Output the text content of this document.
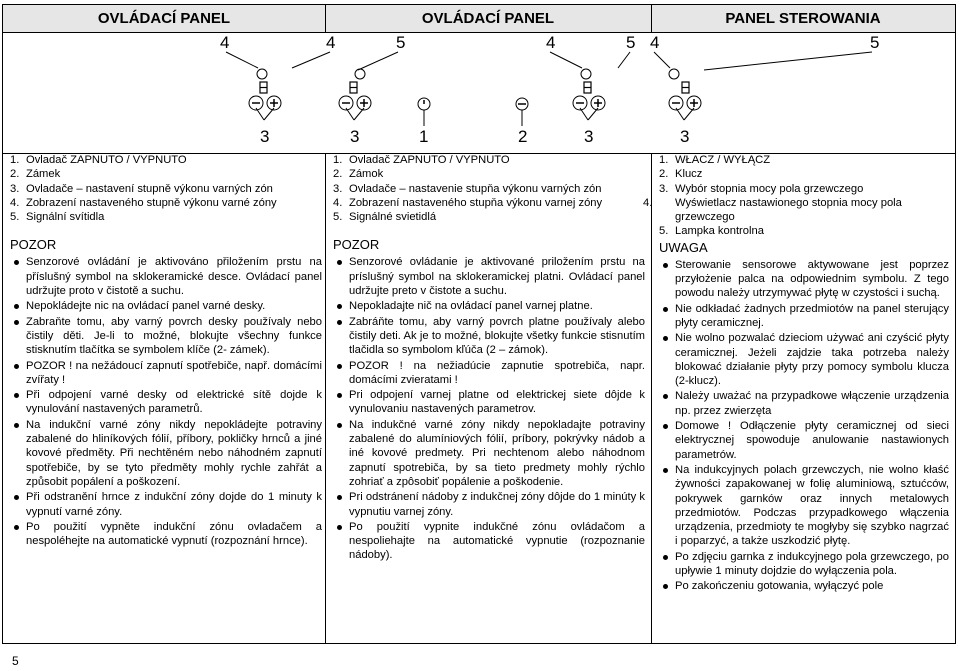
OVLÁDACÍ PANEL	OVLÁDACÍ PANEL	PANEL STEROWANIA
4	5	4	5 4	5
4
3	3	1	2	3	3
1. Ovladač ZAPNUTO / VYPNUTO
2. Zámek
3. Ovladače – nastavení stupně výkonu varných zón
4. Zobrazení nastaveného stupně výkonu varné zóny
5. Signální svítidla
POZOR
Senzorové ovládání je aktivováno přiložením prstu na příslušný symbol na sklokeramické desce. Ovládací panel udržujte proto v čistotě a suchu.
Nepokládejte nic na ovládací panel varné desky.
Zabraňte tomu, aby varný povrch desky používaly nebo čistily děti. Je-li to možné, blokujte všechny funkce stisknutím tlačítka se symbolem klíče (2- zámek).
POZOR ! na nežádoucí zapnutí spotřebiče, např. domácími zvířaty !
Při odpojení varné desky od elektrické sítě dojde k vynulování nastavených parametrů.
Na indukční varné zóny nikdy nepokládejte potraviny zabalené do hliníkových fólií, příbory, pokličky hrnců a jiné kovové předměty. Při nechtěném nebo náhodném zapnutí spotřebiče, by se tyto předměty mohly rychle zahřát a způsobit popálení a poškození.
Při odstranění hrnce z indukční zóny dojde do 1 minuty k vypnutí varné zóny.
Po použití vypněte indukční zónu ovladačem a nespoléhejte na automatické vypnutí (rozpoznání hrnce).
1. Ovladač ZAPNUTO / VYPNUTO
2. Zámok
3. Ovladače – nastavenie stupňa výkonu varných zón
4. Zobrazení nastaveného stupňa výkonu varnej zóny
5. Signálné svietidlá
POZOR
Senzorové ovládanie je aktivované priložením prstu na príslušný symbol na sklokeramickej platni. Ovládací panel udržujte preto v čistote a suchu.
Nepokladajte nič na ovládací panel varnej platne.
Zabráňte tomu, aby varný povrch platne používaly alebo čistily deti. Ak je to možné, blokujte všetky funkcie stisnutím tlačidla so symbolom kľúča (2 – zámok).
POZOR ! na nežiadúcie zapnutie spotrebiča, napr. domácími zvieratami !
Pri odpojení varnej platne od elektrickej siete dôjde k vynulovaniu nastavených parametrov.
Na indukčné varné zóny nikdy nepokladajte potraviny zabalené do alumíniových fólií, príbory, pokrývky nádob a iné kovové predmety. Pri nechtenom alebo náhodnom zapnutí spotrebiča, by sa tieto predmety mohly rýchlo zohriať a zpôsobiť popálenie a poškodenie.
Pri odstránení nádoby z indukčnej zóny dôjde do 1 minúty k vypnutiu varnej zóny.
Po použití vypnite indukčné zónu ovládačom a nespoliehajte na automatické vypnutie (rozpoznanie nádoby).
1. WŁACZ / WYŁĄCZ
2. Klucz
3. Wybór stopnia mocy pola grzewczego
4. Wyświetlacz nastawionego stopnia mocy pola grzewczego
5. Lampka kontrolna
UWAGA
Sterowanie sensorowe aktywowane jest poprzez przyłożenie palca na odpowiednim symbolu. Z tego powodu należy utrzymywać płytę w czystości i suchą.
Nie odkładać żadnych przedmiotów na panel sterujący płyty ceramicznej.
Nie wolno pozwalać dzieciom używać ani czyścić płyty ceramicznej. Jeżeli zajdzie taka potrzeba należy blokować działanie płyty przy pomocy symbolu klucza (2-klucz).
Należy uważać na przypadkowe włączenie urządzenia np. przez zwierzęta
Domowe ! Odłączenie płyty ceramicznej od sieci elektrycznej spowoduje anulowanie nastawionych parametrów.
Na indukcyjnych polach grzewczych, nie wolno kłaść żywności zapakowanej w folię aluminiową, sztućców, pokrywek garnków oraz innych metalowych przedmiotów. Podczas przypadkowego włączenia urządzenia, przedmioty te mogłyby się szybko nagrzać i poparzyć, a także uszkodzić płytę.
Po zdjęciu garnka z indukcyjnego pola grzewczego, po upływie 1 minuty dojdzie do wyłączenia pola.
Po zakończeniu gotowania, wyłączyć pole
5
